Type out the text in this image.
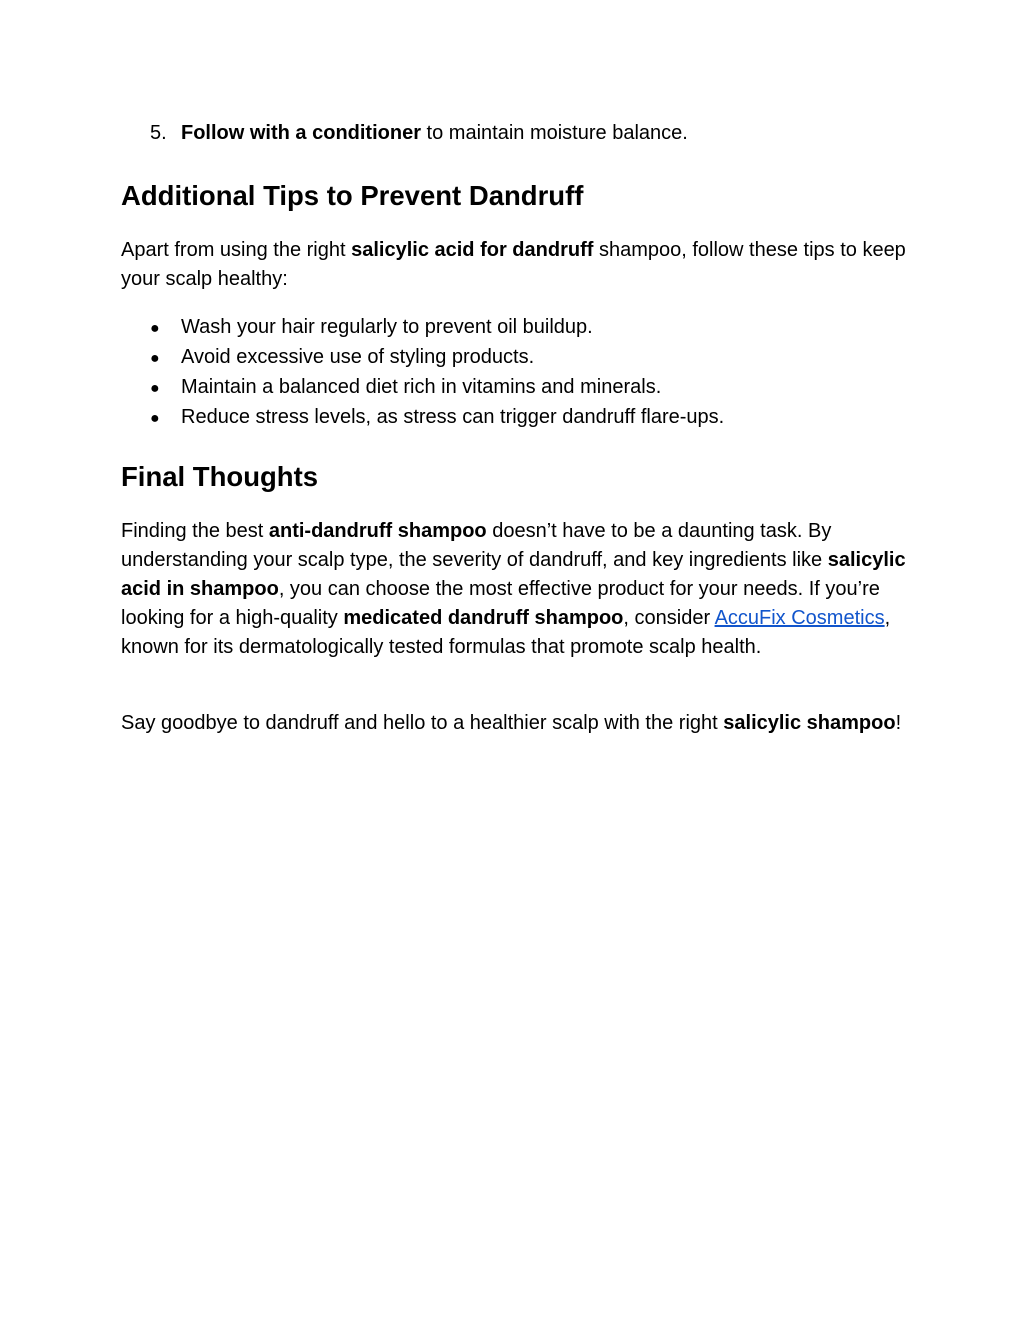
5. Follow with a conditioner to maintain moisture balance.
Additional Tips to Prevent Dandruff

Apart from using the right salicylic acid for dandruff shampoo, follow these tips to keep your scalp healthy:

● Wash your hair regularly to prevent oil buildup.
● Avoid excessive use of styling products.
● Maintain a balanced diet rich in vitamins and minerals.
● Reduce stress levels, as stress can trigger dandruff flare-ups.
Final Thoughts

Finding the best anti-dandruff shampoo doesn’t have to be a daunting task. By understanding your scalp type, the severity of dandruff, and key ingredients like salicylic acid in shampoo, you can choose the most effective product for your needs. If you’re looking for a high-quality medicated dandruff shampoo, consider AccuFix Cosmetics, known for its dermatologically tested formulas that promote scalp health.

Say goodbye to dandruff and hello to a healthier scalp with the right salicylic shampoo!
